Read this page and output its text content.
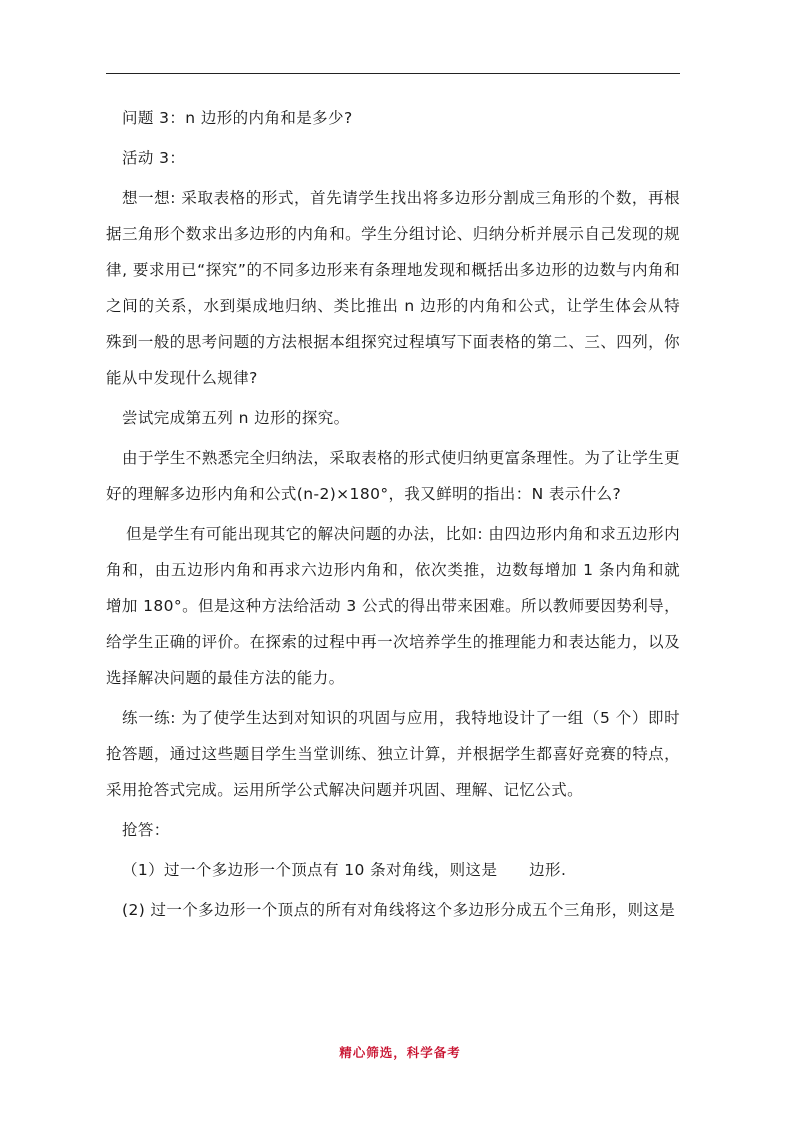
问题 3：n 边形的内角和是多少?

活动 3：

想一想: 采取表格的形式，首先请学生找出将多边形分割成三角形的个数，再根据三角形个数求出多边形的内角和。学生分组讨论、归纳分析并展示自己发现的规律, 要求用已“探究”的不同多边形来有条理地发现和概括出多边形的边数与内角和之间的关系，水到渠成地归纳、类比推出 n 边形的内角和公式，让学生体会从特殊到一般的思考问题的方法根据本组探究过程填写下面表格的第二、三、四列，你能从中发现什么规律?

尝试完成第五列 n 边形的探究。

由于学生不熟悉完全归纳法，采取表格的形式使归纳更富条理性。为了让学生更好的理解多边形内角和公式(n-2)×180°，我又鲜明的指出：N 表示什么?

但是学生有可能出现其它的解决问题的办法，比如: 由四边形内角和求五边形内角和，由五边形内角和再求六边形内角和，依次类推，边数每增加 1 条内角和就增加 180°。但是这种方法给活动 3 公式的得出带来困难。所以教师要因势利导，给学生正确的评价。在探索的过程中再一次培养学生的推理能力和表达能力，以及选择解决问题的最佳方法的能力。

练一练: 为了使学生达到对知识的巩固与应用，我特地设计了一组（5 个）即时抢答题，通过这些题目学生当堂训练、独立计算，并根据学生都喜好竞赛的特点，采用抢答式完成。运用所学公式解决问题并巩固、理解、记忆公式。

抢答：

（1）过一个多边形一个顶点有 10 条对角线，则这是　　边形.

(2) 过一个多边形一个顶点的所有对角线将这个多边形分成五个三角形，则这是

精心筛选，科学备考
